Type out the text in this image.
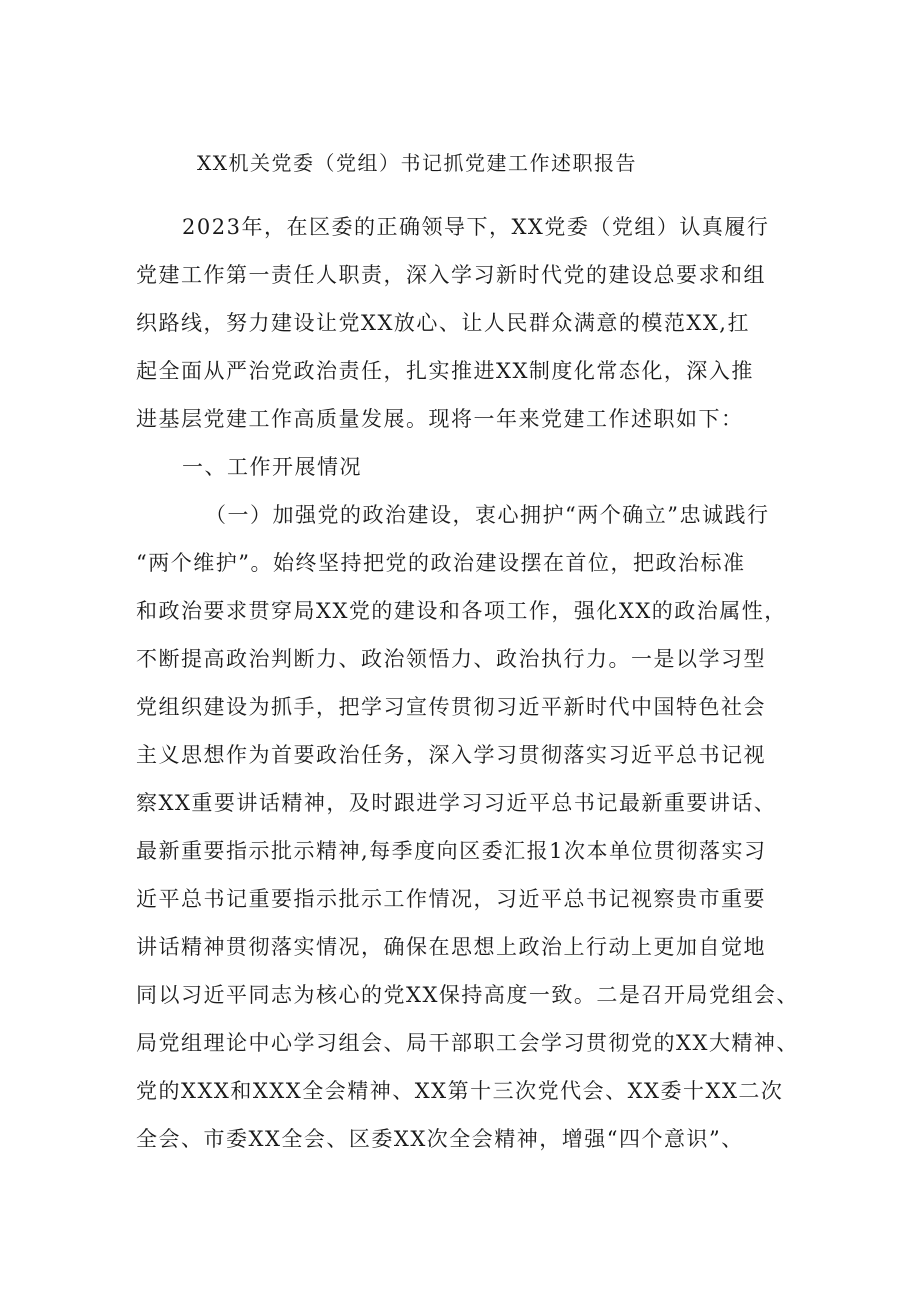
XX机关党委（党组）书记抓党建工作述职报告
2023年，在区委的正确领导下，XX党委（党组）认真履行
党建工作第一责任人职责，深入学习新时代党的建设总要求和组
织路线，努力建设让党XX放心、让人民群众满意的模范XX,扛
起全面从严治党政治责任，扎实推进XX制度化常态化，深入推
进基层党建工作高质量发展。现将一年来党建工作述职如下：
一、工作开展情况
（一）加强党的政治建设，衷心拥护“两个确立”忠诚践行
“两个维护”。始终坚持把党的政治建设摆在首位，把政治标准
和政治要求贯穿局XX党的建设和各项工作，强化XX的政治属性，
不断提高政治判断力、政治领悟力、政治执行力。一是以学习型
党组织建设为抓手，把学习宣传贯彻习近平新时代中国特色社会
主义思想作为首要政治任务，深入学习贯彻落实习近平总书记视
察XX重要讲话精神，及时跟进学习习近平总书记最新重要讲话、
最新重要指示批示精神,每季度向区委汇报1次本单位贯彻落实习
近平总书记重要指示批示工作情况，习近平总书记视察贵市重要
讲话精神贯彻落实情况，确保在思想上政治上行动上更加自觉地
同以习近平同志为核心的党XX保持高度一致。二是召开局党组会、
局党组理论中心学习组会、局干部职工会学习贯彻党的XX大精神、
党的XXX和XXX全会精神、XX第十三次党代会、XX委十XX二次
全会、市委XX全会、区委XX次全会精神，增强“四个意识”、
